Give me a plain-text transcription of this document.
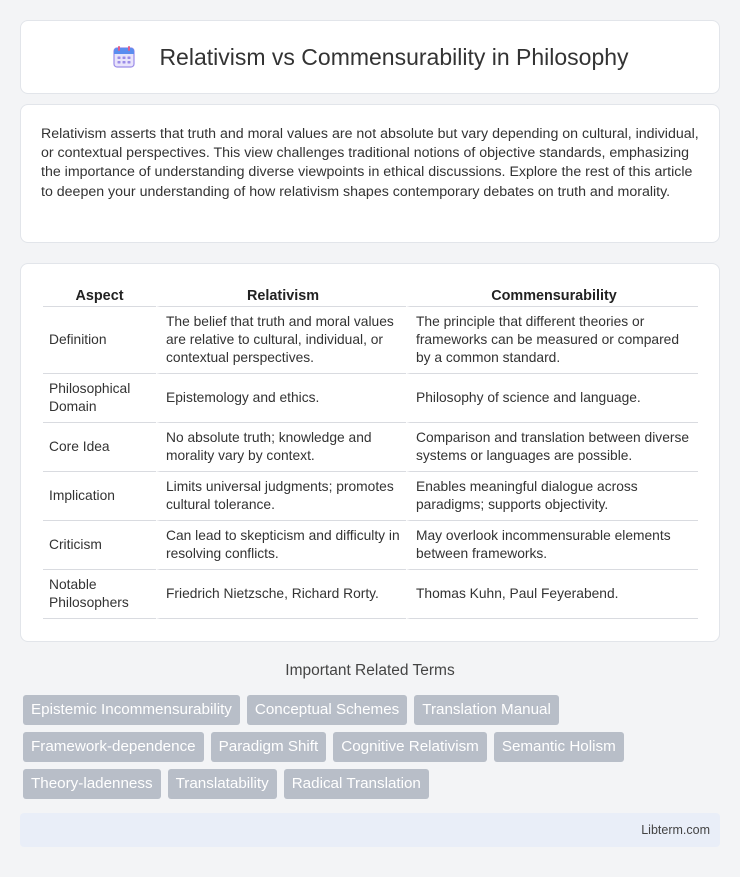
Relativism vs Commensurability in Philosophy

Relativism asserts that truth and moral values are not absolute but vary depending on cultural, individual, or contextual perspectives. This view challenges traditional notions of objective standards, emphasizing the importance of understanding diverse viewpoints in ethical discussions. Explore the rest of this article to deepen your understanding of how relativism shapes contemporary debates on truth and morality.

Aspect	Relativism	Commensurability
Definition	The belief that truth and moral values are relative to cultural, individual, or contextual perspectives.	The principle that different theories or frameworks can be measured or compared by a common standard.
Philosophical Domain	Epistemology and ethics.	Philosophy of science and language.
Core Idea	No absolute truth; knowledge and morality vary by context.	Comparison and translation between diverse systems or languages are possible.
Implication	Limits universal judgments; promotes cultural tolerance.	Enables meaningful dialogue across paradigms; supports objectivity.
Criticism	Can lead to skepticism and difficulty in resolving conflicts.	May overlook incommensurable elements between frameworks.
Notable Philosophers	Friedrich Nietzsche, Richard Rorty.	Thomas Kuhn, Paul Feyerabend.
Important Related Terms
Epistemic Incommensurability	Conceptual Schemes	Translation Manual
Framework-dependence	Paradigm Shift	Cognitive Relativism	Semantic Holism
Theory-ladenness	Translatability	Radical Translation
Libterm.com
